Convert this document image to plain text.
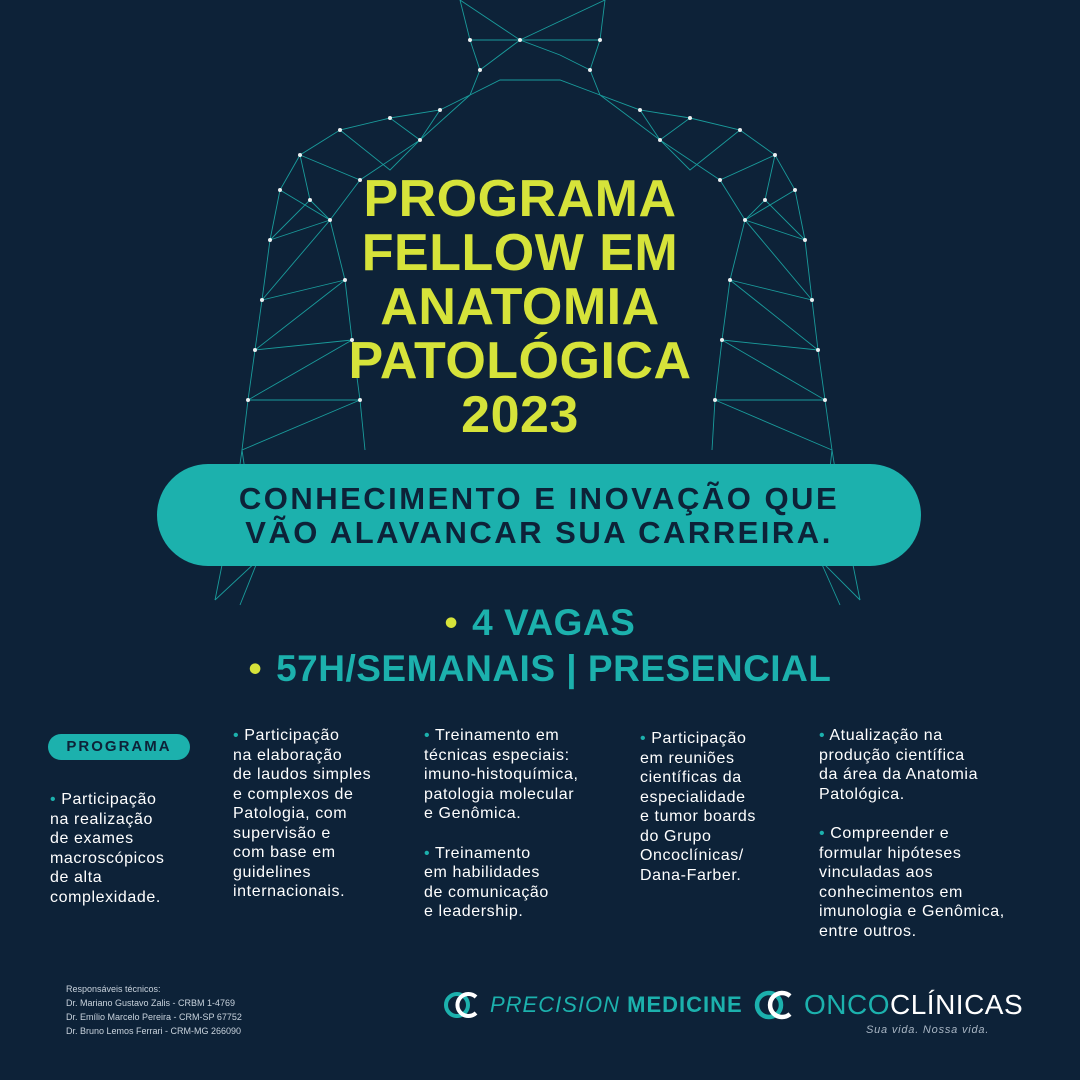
PROGRAMA
FELLOW EM
ANATOMIA
PATOLÓGICA
2023
CONHECIMENTO E INOVAÇÃO QUE
VÃO ALAVANCAR SUA CARREIRA.
• 4 VAGAS
• 57H/SEMANAIS | PRESENCIAL
PROGRAMA

• Participação
na realização
de exames
macroscópicos
de alta
complexidade.

• Participação
na elaboração
de laudos simples
e complexos de
Patologia, com
supervisão e
com base em
guidelines
internacionais.

• Treinamento em
técnicas especiais:
imuno-histoquímica,
patologia molecular
e Genômica.

• Treinamento
em habilidades
de comunicação
e leadership.

• Participação
em reuniões
científicas da
especialidade
e tumor boards
do Grupo
Oncoclínicas/
Dana-Farber.

• Atualização na
produção científica
da área da Anatomia
Patológica.

• Compreender e
formular hipóteses
vinculadas aos
conhecimentos em
imunologia e Genômica,
entre outros.

Responsáveis técnicos:
Dr. Mariano Gustavo Zalis - CRBM 1-4769
Dr. Emílio Marcelo Pereira - CRM-SP 67752
Dr. Bruno Lemos Ferrari - CRM-MG 266090
PRECISION MEDICINE ONCOCLÍNICAS
Sua vida. Nossa vida.
